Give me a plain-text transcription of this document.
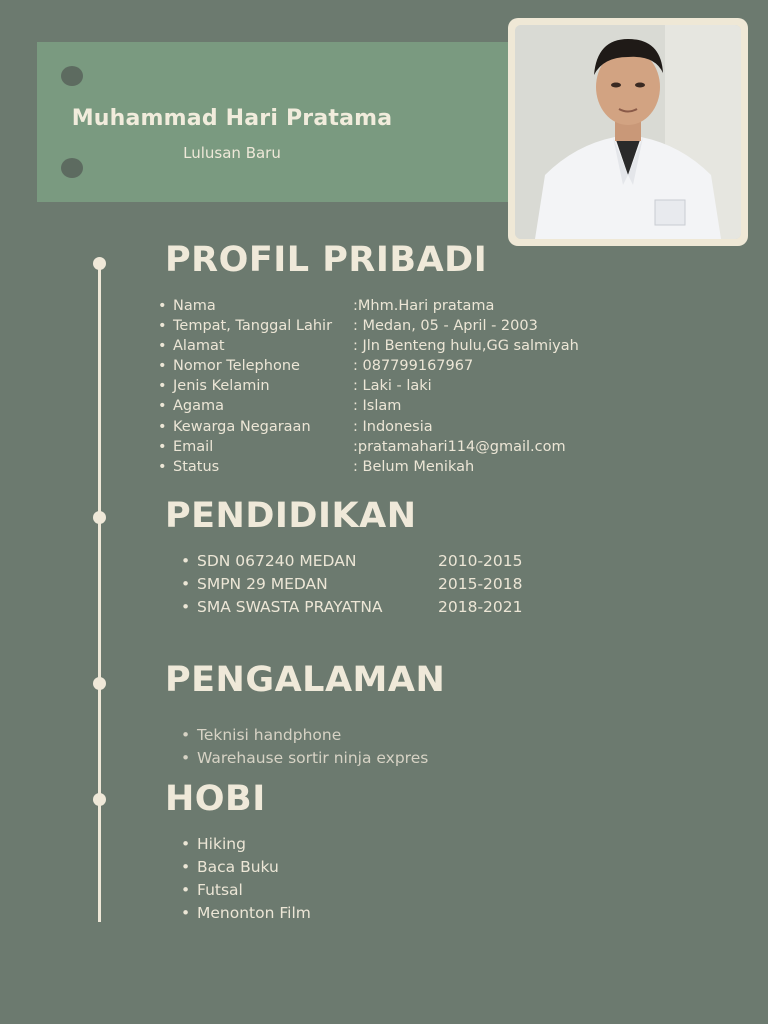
Muhammad Hari Pratama
Lulusan Baru
PROFIL PRIBADI
• Nama	:Mhm.Hari pratama
• Tempat, Tanggal Lahir : Medan, 05 - April - 2003
• Alamat	: Jln Benteng hulu,GG salmiyah
• Nomor Telephone	: 087799167967
• Jenis Kelamin	: Laki - laki
• Agama	: Islam
• Kewarga Negaraan	: Indonesia
• Email	:pratamahari114@gmail.com
• Status	: Belum Menikah
PENDIDIKAN
• SDN 067240 MEDAN	2010-2015
• SMPN 29 MEDAN	2015-2018
• SMA SWASTA PRAYATNA	2018-2021
PENGALAMAN
• Teknisi handphone
• Warehause sortir ninja expres
HOBI
• Hiking
• Baca Buku
• Futsal
• Menonton Film
